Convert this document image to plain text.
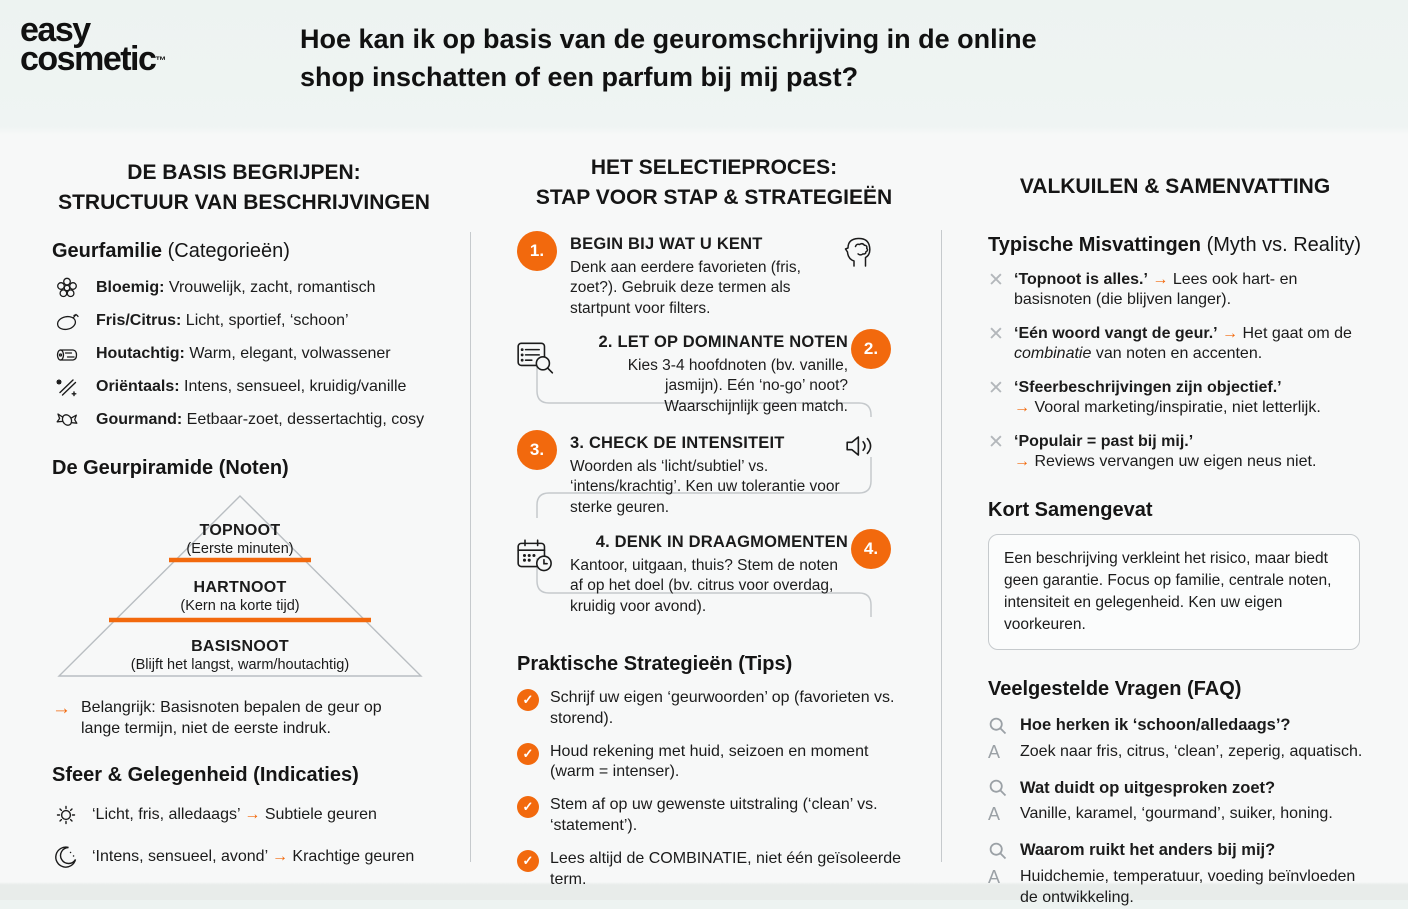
easy
cosmetic™
Hoe kan ik op basis van de geuromschrijving in de online
shop inschatten of een parfum bij mij past?
DE BASIS BEGRIJPEN:
STRUCTUUR VAN BESCHRIJVINGEN
Geurfamilie (Categorieën)
Bloemig: Vrouwelijk, zacht, romantisch
Fris/Citrus: Licht, sportief, ‘schoon’
Houtachtig: Warm, elegant, volwassener
Oriëntaals: Intens, sensueel, kruidig/vanille
Gourmand: Eetbaar-zoet, dessertachtig, cosy
De Geurpiramide (Noten)
TOPNOOT
(Eerste minuten)
HARTNOOT
(Kern na korte tijd)
BASISNOOT
(Blijft het langst, warm/houtachtig)
→ Belangrijk: Basisnoten bepalen de geur op lange termijn, niet de eerste indruk.
Sfeer & Gelegenheid (Indicaties)
‘Licht, fris, alledaags’ → Subtiele geuren
‘Intens, sensueel, avond’ → Krachtige geuren
HET SELECTIEPROCES:
STAP VOOR STAP & STRATEGIEËN
1.	BEGIN BIJ WAT U KENT
Denk aan eerdere favorieten (fris, zoet?). Gebruik deze termen als startpunt voor filters.
2. LET OP DOMINANTE NOTEN
Kies 3-4 hoofdnoten (bv. vanille, jasmijn). Eén ‘no-go’ noot? Waarschijnlijk geen match.
2.
3.	3. CHECK DE INTENSITEIT
Woorden als ‘licht/subtiel’ vs. ‘intens/krachtig’. Ken uw tolerantie voor sterke geuren.
4. DENK IN DRAAGMOMENTEN
Kantoor, uitgaan, thuis? Stem de noten af op het doel (bv. citrus voor overdag, kruidig voor avond).
4.
Praktische Strategieën (Tips)
✓	Schrijf uw eigen ‘geurwoorden’ op (favorieten vs. storend).
✓	Houd rekening met huid, seizoen en moment (warm = intenser).
✓	Stem af op uw gewenste uitstraling (‘clean’ vs. ‘statement’).
✓	Lees altijd de COMBINATIE, niet één geïsoleerde term.
VALKUILEN & SAMENVATTING
Typische Misvattingen (Myth vs. Reality)
✕ ‘Topnoot is alles.’ → Lees ook hart- en basisnoten (die blijven langer).
✕ ‘Eén woord vangt de geur.’ → Het gaat om de combinatie van noten en accenten.
✕ ‘Sfeerbeschrijvingen zijn objectief.’
→ Vooral marketing/inspiratie, niet letterlijk.
✕ ‘Populair = past bij mij.’
→ Reviews vervangen uw eigen neus niet.
Kort Samengevat
Een beschrijving verkleint het risico, maar biedt geen garantie. Focus op familie, centrale noten, intensiteit en gelegenheid. Ken uw eigen voorkeuren.
Veelgestelde Vragen (FAQ)
Hoe herken ik ‘schoon/alledaags’?
A	Zoek naar fris, citrus, ‘clean’, zeperig, aquatisch.
Wat duidt op uitgesproken zoet?
A	Vanille, karamel, ‘gourmand’, suiker, honing.
Waarom ruikt het anders bij mij?
A	Huidchemie, temperatuur, voeding beïnvloeden de ontwikkeling.
